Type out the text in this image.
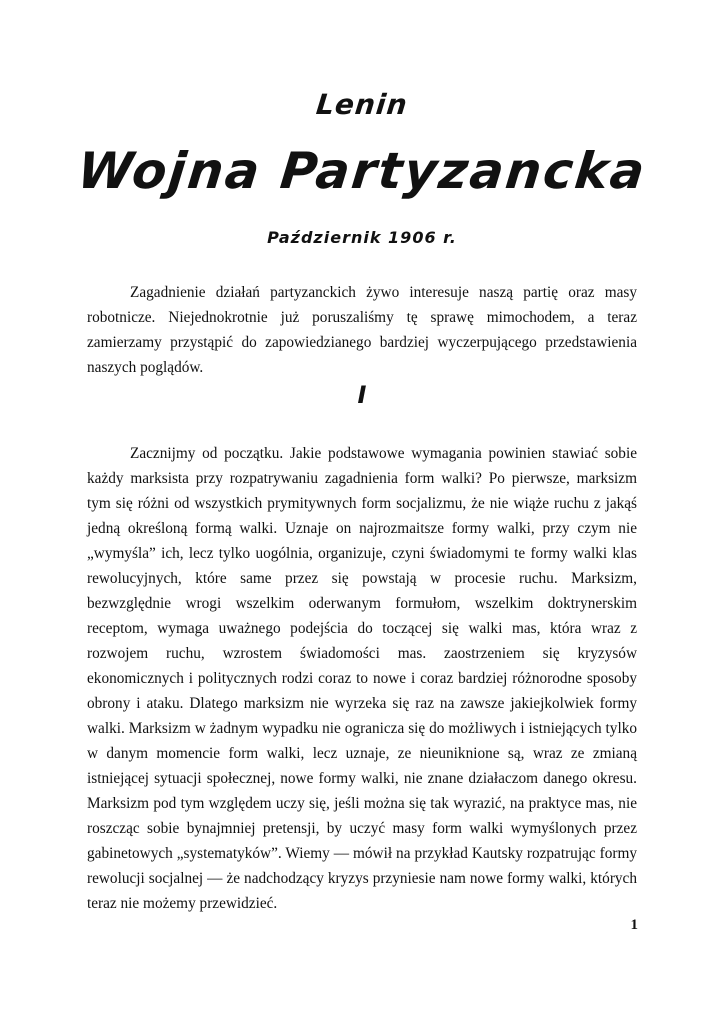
Lenin
Wojna Partyzancka
Październik 1906 r.

Zagadnienie działań partyzanckich żywo interesuje naszą partię oraz masy robotnicze. Niejednokrotnie już poruszaliśmy tę sprawę mimochodem, a teraz zamierzamy przystąpić do zapowiedzianego bardziej wyczerpującego przedstawienia naszych poglądów.

I

Zacznijmy od początku. Jakie podstawowe wymagania powinien stawiać sobie każdy marksista przy rozpatrywaniu zagadnienia form walki? Po pierwsze, marksizm tym się różni od wszystkich prymitywnych form socjalizmu, że nie wiąże ruchu z jakąś jedną określoną formą walki. Uznaje on najrozmaitsze formy walki, przy czym nie „wymyśla” ich, lecz tylko uogólnia, organizuje, czyni świadomymi te formy walki klas rewolucyjnych, które same przez się powstają w procesie ruchu. Marksizm, bezwzględnie wrogi wszelkim oderwanym formułom, wszelkim doktrynerskim receptom, wymaga uważnego podejścia do toczącej się walki mas, która wraz z rozwojem ruchu, wzrostem świadomości mas. zaostrzeniem się kryzysów ekonomicznych i politycznych rodzi coraz to nowe i coraz bardziej różnorodne sposoby obrony i ataku. Dlatego marksizm nie wyrzeka się raz na zawsze jakiejkolwiek formy walki. Marksizm w żadnym wypadku nie ogranicza się do możliwych i istniejących tylko w danym momencie form walki, lecz uznaje, ze nieuniknione są, wraz ze zmianą istniejącej sytuacji społecznej, nowe formy walki, nie znane działaczom danego okresu. Marksizm pod tym względem uczy się, jeśli można się tak wyrazić, na praktyce mas, nie roszcząc sobie bynajmniej pretensji, by uczyć masy form walki wymyślonych przez gabinetowych „systematyków”. Wiemy — mówił na przykład Kautsky rozpatrując formy rewolucji socjalnej — że nadchodzący kryzys przyniesie nam nowe formy walki, których teraz nie możemy przewidzieć.

1
